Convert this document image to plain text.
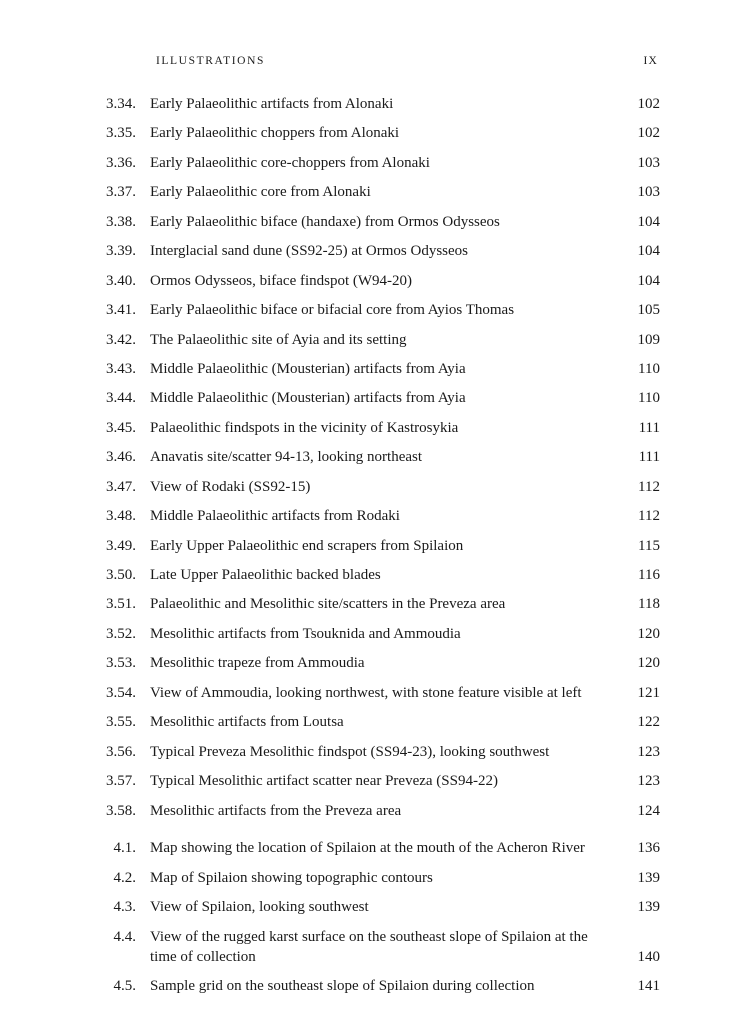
ILLUSTRATIONS	IX
3.34. Early Palaeolithic artifacts from Alonaki	102
3.35. Early Palaeolithic choppers from Alonaki	102
3.36. Early Palaeolithic core-choppers from Alonaki	103
3.37. Early Palaeolithic core from Alonaki	103
3.38. Early Palaeolithic biface (handaxe) from Ormos Odysseos	104
3.39. Interglacial sand dune (SS92-25) at Ormos Odysseos	104
3.40. Ormos Odysseos, biface findspot (W94-20)	104
3.41. Early Palaeolithic biface or bifacial core from Ayios Thomas	105
3.42. The Palaeolithic site of Ayia and its setting	109
3.43. Middle Palaeolithic (Mousterian) artifacts from Ayia	110
3.44. Middle Palaeolithic (Mousterian) artifacts from Ayia	110
3.45. Palaeolithic findspots in the vicinity of Kastrosykia	111
3.46. Anavatis site/scatter 94-13, looking northeast	111
3.47. View of Rodaki (SS92-15)	112
3.48. Middle Palaeolithic artifacts from Rodaki	112
3.49. Early Upper Palaeolithic end scrapers from Spilaion	115
3.50. Late Upper Palaeolithic backed blades	116
3.51. Palaeolithic and Mesolithic site/scatters in the Preveza area	118
3.52. Mesolithic artifacts from Tsouknida and Ammoudia	120
3.53. Mesolithic trapeze from Ammoudia	120
3.54. View of Ammoudia, looking northwest, with stone feature visible at left	121
3.55. Mesolithic artifacts from Loutsa	122
3.56. Typical Preveza Mesolithic findspot (SS94-23), looking southwest	123
3.57. Typical Mesolithic artifact scatter near Preveza (SS94-22)	123
3.58. Mesolithic artifacts from the Preveza area	124
4.1. Map showing the location of Spilaion at the mouth of the Acheron River	136
4.2. Map of Spilaion showing topographic contours	139
4.3. View of Spilaion, looking southwest	139
4.4. View of the rugged karst surface on the southeast slope of Spilaion at the time of collection	140
4.5. Sample grid on the southeast slope of Spilaion during collection	141
